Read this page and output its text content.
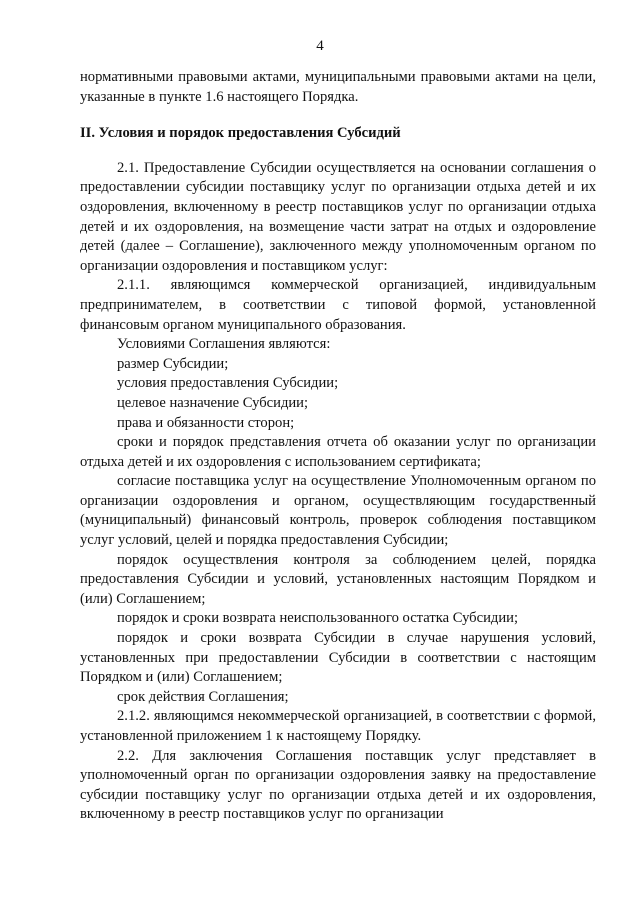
4

нормативными правовыми актами, муниципальными правовыми актами на цели, указанные в пункте 1.6 настоящего Порядка.

II. Условия и порядок предоставления Субсидий

2.1. Предоставление Субсидии осуществляется на основании соглашения о предоставлении субсидии поставщику услуг по организации отдыха детей и их оздоровления, включенному в реестр поставщиков услуг по организации отдыха детей и их оздоровления, на возмещение части затрат на отдых и оздоровление детей (далее – Соглашение), заключенного между уполномоченным органом по организации оздоровления и поставщиком услуг:

2.1.1. являющимся коммерческой организацией, индивидуальным предпринимателем, в соответствии с типовой формой, установленной финансовым органом муниципального образования.

Условиями Соглашения являются:

размер Субсидии;

условия предоставления Субсидии;

целевое назначение Субсидии;

права и обязанности сторон;

сроки и порядок представления отчета об оказании услуг по организации отдыха детей и их оздоровления с использованием сертификата;

согласие поставщика услуг на осуществление Уполномоченным органом по организации оздоровления и органом, осуществляющим государственный (муниципальный) финансовый контроль, проверок соблюдения поставщиком услуг условий, целей и порядка предоставления Субсидии;

порядок осуществления контроля за соблюдением целей, порядка предоставления Субсидии и условий, установленных настоящим Порядком и (или) Соглашением;

порядок и сроки возврата неиспользованного остатка Субсидии;

порядок и сроки возврата Субсидии в случае нарушения условий, установленных при предоставлении Субсидии в соответствии с настоящим Порядком и (или) Соглашением;

срок действия Соглашения;

2.1.2. являющимся некоммерческой организацией, в соответствии с формой, установленной приложением 1 к настоящему Порядку.

2.2. Для заключения Соглашения поставщик услуг представляет в уполномоченный орган по организации оздоровления заявку на предоставление субсидии поставщику услуг по организации отдыха детей и их оздоровления, включенному в реестр поставщиков услуг по организации
